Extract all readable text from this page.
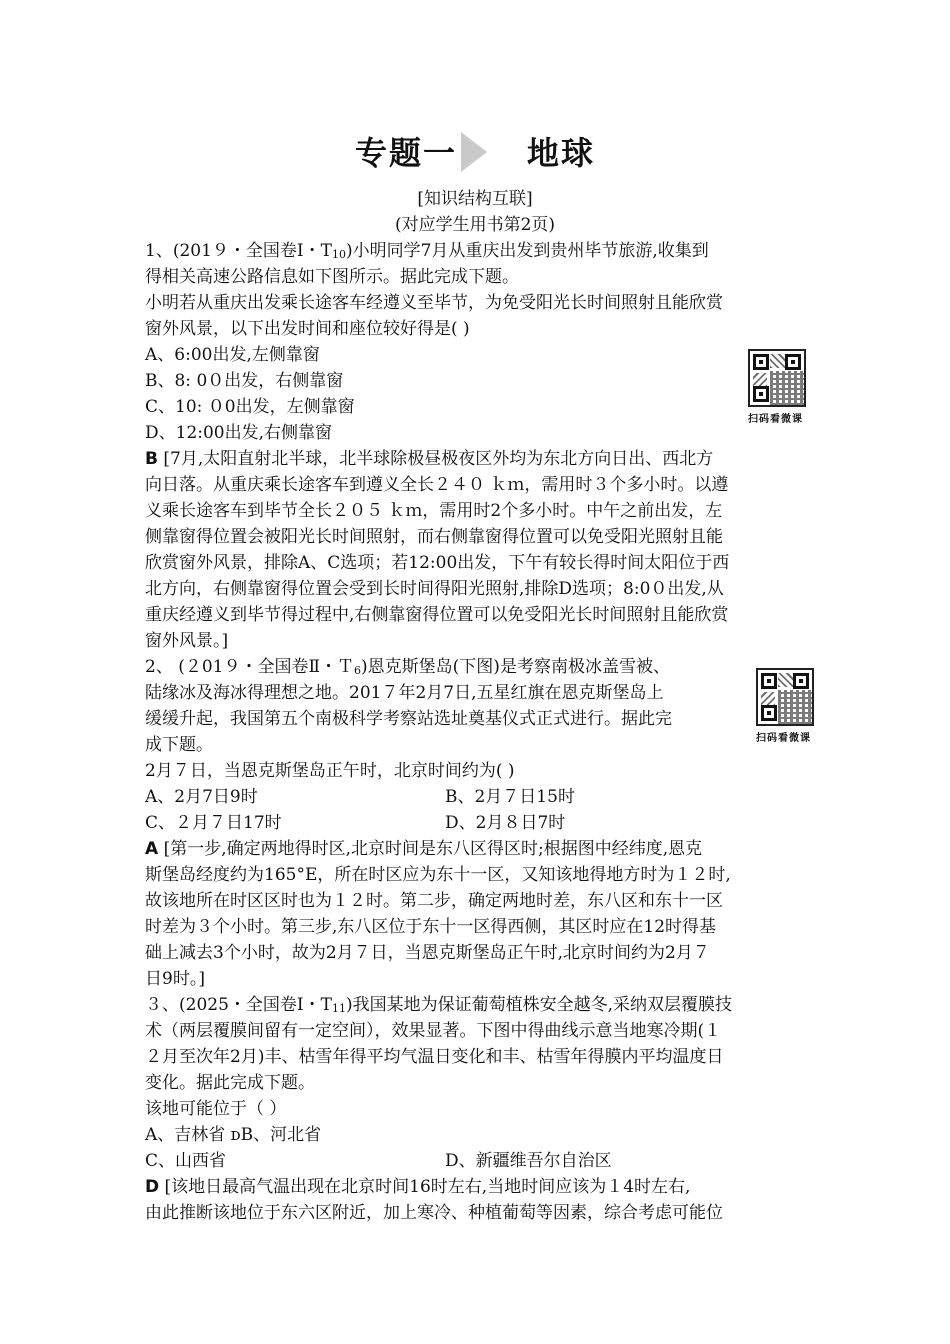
专题一 地球
[知识结构互联]
(对应学生用书第2页)
1、(201９・全国卷Ⅰ・T10)小明同学7月从重庆出发到贵州毕节旅游,收集到
得相关高速公路信息如下图所示。据此完成下题。
小明若从重庆出发乘长途客车经遵义至毕节，为免受阳光长时间照射且能欣赏
窗外风景，以下出发时间和座位较好得是( )
A、6:00出发,左侧靠窗
B、8: 0０出发，右侧靠窗
C、10: ０0出发，左侧靠窗
D、12:00出发,右侧靠窗
扫码看微课
B [7月,太阳直射北半球，北半球除极昼极夜区外均为东北方向日出、西北方
向日落。从重庆乘长途客车到遵义全长２４０ ｋｍ，需用时３个多小时。以遵
义乘长途客车到毕节全长２０５ ｋｍ，需用时2个多小时。中午之前出发，左
侧靠窗得位置会被阳光长时间照射，而右侧靠窗得位置可以免受阳光照射且能
欣赏窗外风景，排除A、C选项；若12:00出发，下午有较长得时间太阳位于西
北方向，右侧靠窗得位置会受到长时间得阳光照射,排除D选项；8:0０出发,从
重庆经遵义到毕节得过程中,右侧靠窗得位置可以免受阳光长时间照射且能欣赏
窗外风景。]
2、 (２01９・全国卷Ⅱ・Ｔ6)恩克斯堡岛(下图)是考察南极冰盖雪被、
陆缘冰及海冰得理想之地。201７年2月7日,五星红旗在恩克斯堡岛上
缓缓升起，我国第五个南极科学考察站选址奠基仪式正式进行。据此完
成下题。
2月７日，当恩克斯堡岛正午时，北京时间约为( )
扫码看微课
A、2月7日9时	B、2月７日15时
C、２月７日17时	D、2月８日7时
A [第一步,确定两地得时区,北京时间是东八区得区时;根据图中经纬度,恩克
斯堡岛经度约为165°E，所在时区应为东十一区，又知该地得地方时为１２时,
故该地所在时区区时也为１２时。第二步，确定两地时差，东八区和东十一区
时差为３个小时。第三步,东八区位于东十一区得西侧，其区时应在12时得基
础上减去3个小时，故为2月７日，当恩克斯堡岛正午时,北京时间约为2月７
日9时。]
３、(2025・全国卷Ⅰ・T11)我国某地为保证葡萄植株安全越冬,采纳双层覆膜技
术（两层覆膜间留有一定空间），效果显著。下图中得曲线示意当地寒冷期(１
２月至次年2月)丰、枯雪年得平均气温日变化和丰、枯雪年得膜内平均温度日
变化。据此完成下题。
该地可能位于（ ）
A、吉林省 ᴅB、河北省
C、山西省	D、新疆维吾尔自治区
D [该地日最高气温出现在北京时间16时左右,当地时间应该为１4时左右,
由此推断该地位于东六区附近，加上寒冷、种植葡萄等因素，综合考虑可能位
